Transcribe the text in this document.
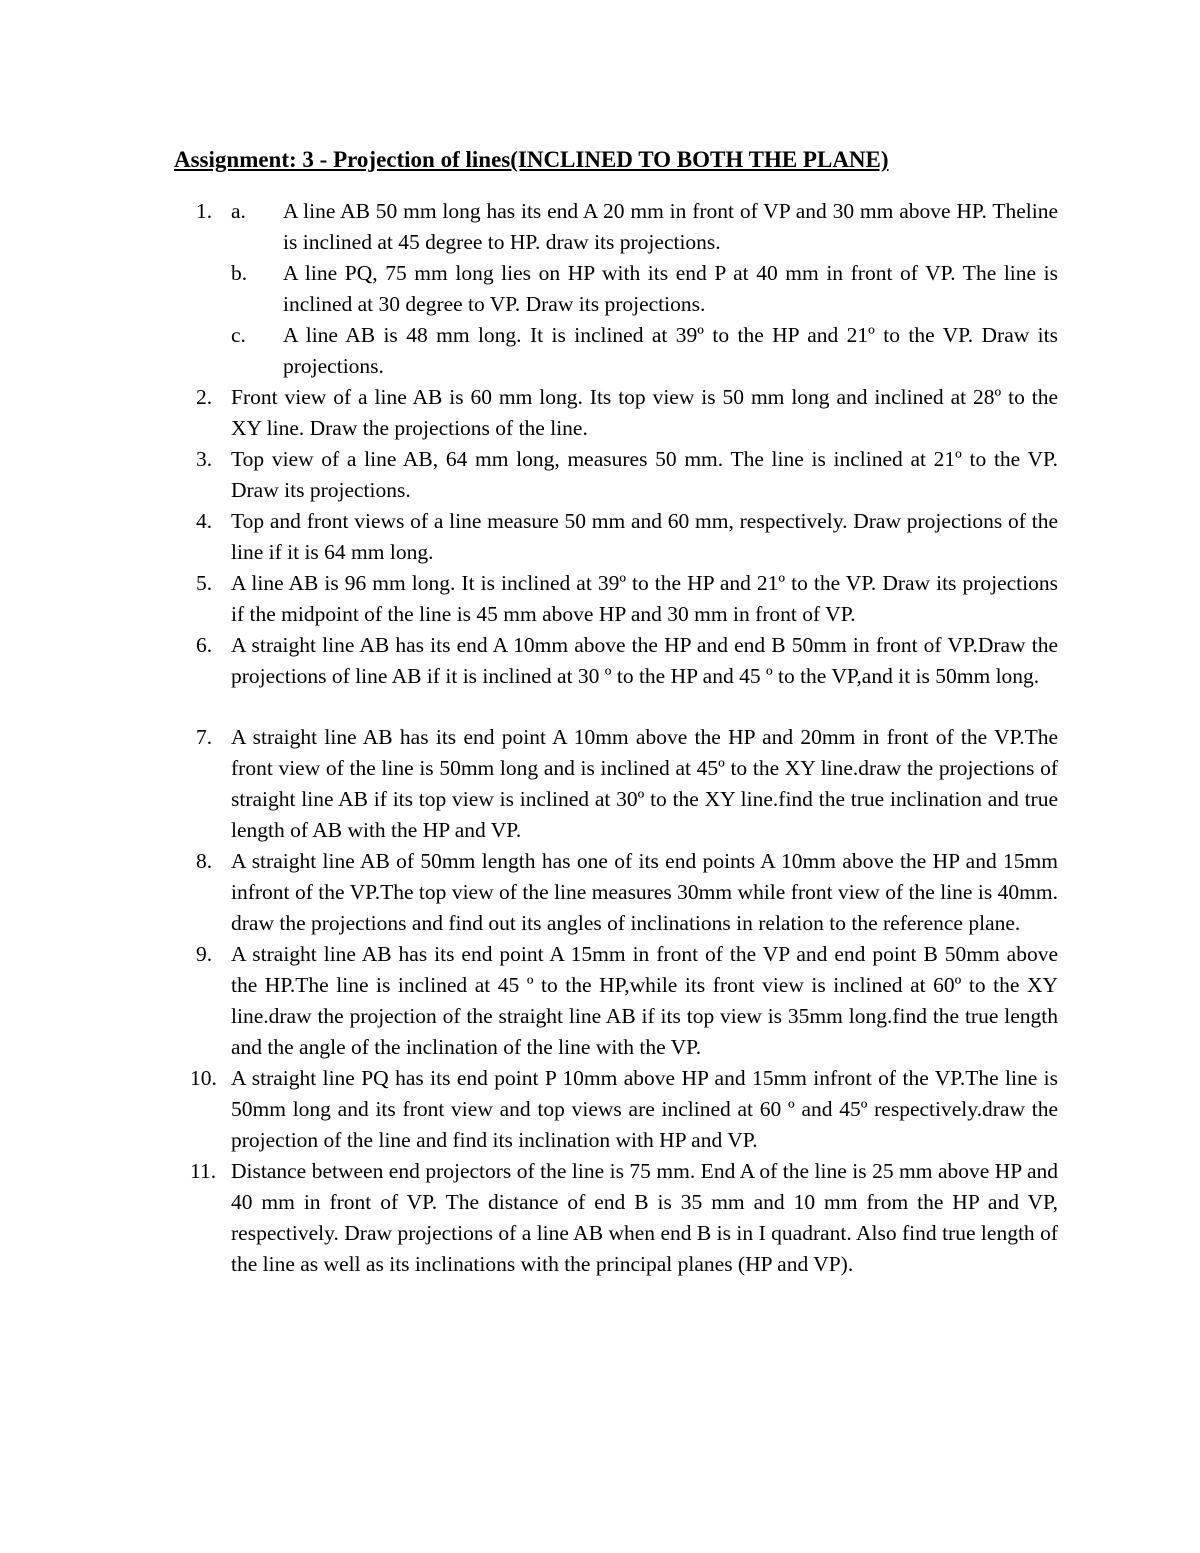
Assignment: 3 - Projection of lines(INCLINED TO BOTH THE PLANE)
1. a.	A line AB 50 mm long has its end A 20 mm in front of VP and 30 mm above HP. Theline is inclined at 45 degree to HP. draw its projections.
b.	A line PQ, 75 mm long lies on HP with its end P at 40 mm in front of VP. The line is inclined at 30 degree to VP. Draw its projections.
c.	A line AB is 48 mm long. It is inclined at 39º to the HP and 21º to the VP. Draw its projections.
2. Front view of a line AB is 60 mm long. Its top view is 50 mm long and inclined at 28º to the XY line. Draw the projections of the line.
3. Top view of a line AB, 64 mm long, measures 50 mm. The line is inclined at 21º to the VP. Draw its projections.
4. Top and front views of a line measure 50 mm and 60 mm, respectively. Draw projections of the line if it is 64 mm long.
5. A line AB is 96 mm long. It is inclined at 39º to the HP and 21º to the VP. Draw its projections if the midpoint of the line is 45 mm above HP and 30 mm in front of VP.
6. A straight line AB has its end A 10mm above the HP and end B 50mm in front of VP.Draw the projections of line AB if it is inclined at 30 º to the HP and 45 º to the VP,and it is 50mm long.
7. A straight line AB has its end point A 10mm above the HP and 20mm in front of the VP.The front view of the line is 50mm long and is inclined at 45º to the XY line.draw the projections of straight line AB if its top view is inclined at 30º to the XY line.find the true inclination and true length of AB with the HP and VP.
8. A straight line AB of 50mm length has one of its end points A 10mm above the HP and 15mm infront of the VP.The top view of the line measures 30mm while front view of the line is 40mm. draw the projections and find out its angles of inclinations in relation to the reference plane.
9. A straight line AB has its end point A 15mm in front of the VP and end point B 50mm above the HP.The line is inclined at 45 º to the HP,while its front view is inclined at 60º to the XY line.draw the projection of the straight line AB if its top view is 35mm long.find the true length and the angle of the inclination of the line with the VP.
10. A straight line PQ has its end point P 10mm above HP and 15mm infront of the VP.The line is 50mm long and its front view and top views are inclined at 60 º and 45º respectively.draw the projection of the line and find its inclination with HP and VP.
11. Distance between end projectors of the line is 75 mm. End A of the line is 25 mm above HP and 40 mm in front of VP. The distance of end B is 35 mm and 10 mm from the HP and VP, respectively. Draw projections of a line AB when end B is in I quadrant. Also find true length of the line as well as its inclinations with the principal planes (HP and VP).
